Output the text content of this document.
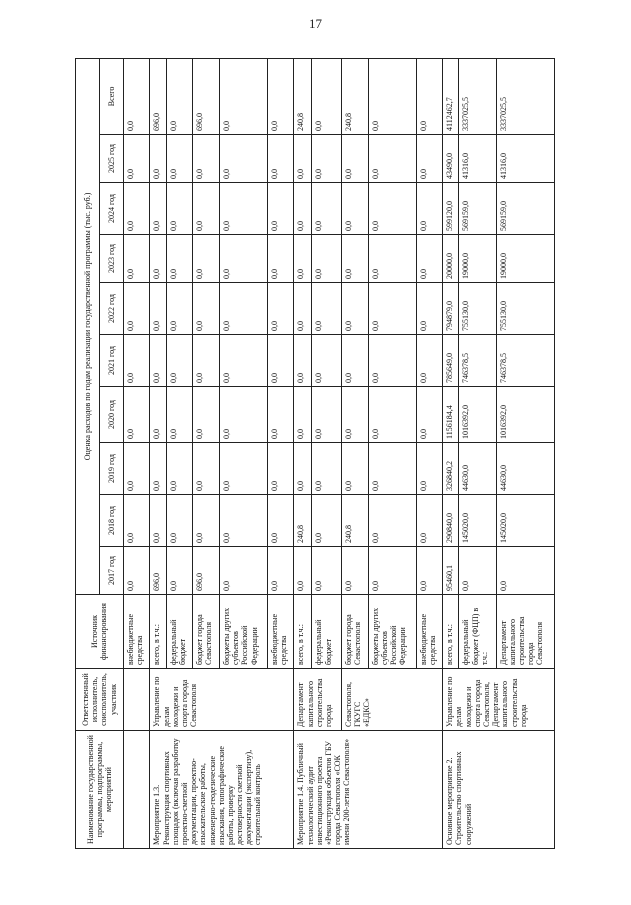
17
Наименование государственной программы, подпрограммы, мероприятий	Ответственный исполнитель, соисполнитель, участник	Источник финансирования	Оценка расходов по годам реализации государственной программы (тыс. руб.)									
			2017 год	2018 год	2019 год	2020 год	2021 год	2022 год	2023 год	2024 год	2025 год	Всего
		внебюджетные средства	0,0	0,0	0,0	0,0	0,0	0,0	0,0	0,0	0,0	0,0
Мероприятие 1.3. Реконструкция спортивных площадок (включая разработку проектно-сметной документации, проектно-изыскательские работы, инженерно-геодезические изыскания, топографические работы, проверку достоверности сметной документации (экспертизу), строительный контроль	Управление по делам молодежи и спорта города Севастополя	всего, в т.ч.:	696,0	0,0	0,0	0,0	0,0	0,0	0,0	0,0	0,0	696,0
		федеральный бюджет	0,0	0,0	0,0	0,0	0,0	0,0	0,0	0,0	0,0	0,0
		бюджет города Севастополя	696,0	0,0	0,0	0,0	0,0	0,0	0,0	0,0	0,0	696,0
		бюджеты других субъектов Российской Федерации	0,0	0,0	0,0	0,0	0,0	0,0	0,0	0,0	0,0	0,0
		внебюджетные средства	0,0	0,0	0,0	0,0	0,0	0,0	0,0	0,0	0,0	0,0
Мероприятие 1.4. Публичный технологический аудит инвестиционного проекта «Реконструкция объектов ГБУ города Севастополя «СОК имени 200-летия Севастополя»	Департамент капитального строительства города	всего, в т.ч.:	0,0	240,8	0,0	0,0	0,0	0,0	0,0	0,0	0,0	240,8
		федеральный бюджет	0,0	0,0	0,0	0,0	0,0	0,0	0,0	0,0	0,0	0,0
	Севастополя, ГКУГС «ЕДКС»	бюджет города Севастополя	0,0	240,8	0,0	0,0	0,0	0,0	0,0	0,0	0,0	240,8
		бюджеты других субъектов Российской Федерации	0,0	0,0	0,0	0,0	0,0	0,0	0,0	0,0	0,0	0,0
		внебюджетные средства	0,0	0,0	0,0	0,0	0,0	0,0	0,0	0,0	0,0	0,0
Основное мероприятие 2. Строительство спортивных сооружений	Управление по делам молодежи и спорта города Севастополя, Департамент капитального строительства города	всего, в т.ч.:	95460,1	290840,0	326840,2	1156184,4	785649,0	794879,0	20000,0	599120,0	43490,0	4112462,7
		федеральный бюджет (ФЦП) в т.ч.:	0,0	145020,0	44630,0	1016392,0	746378,5	755130,0	19000,0	569159,0	41316,0	3337025,5
		Департамент капитального строительства города Севастополя	0,0	145020,0	44630,0	1016392,0	746378,5	755130,0	19000,0	569159,0	41316,0	3337025,5
